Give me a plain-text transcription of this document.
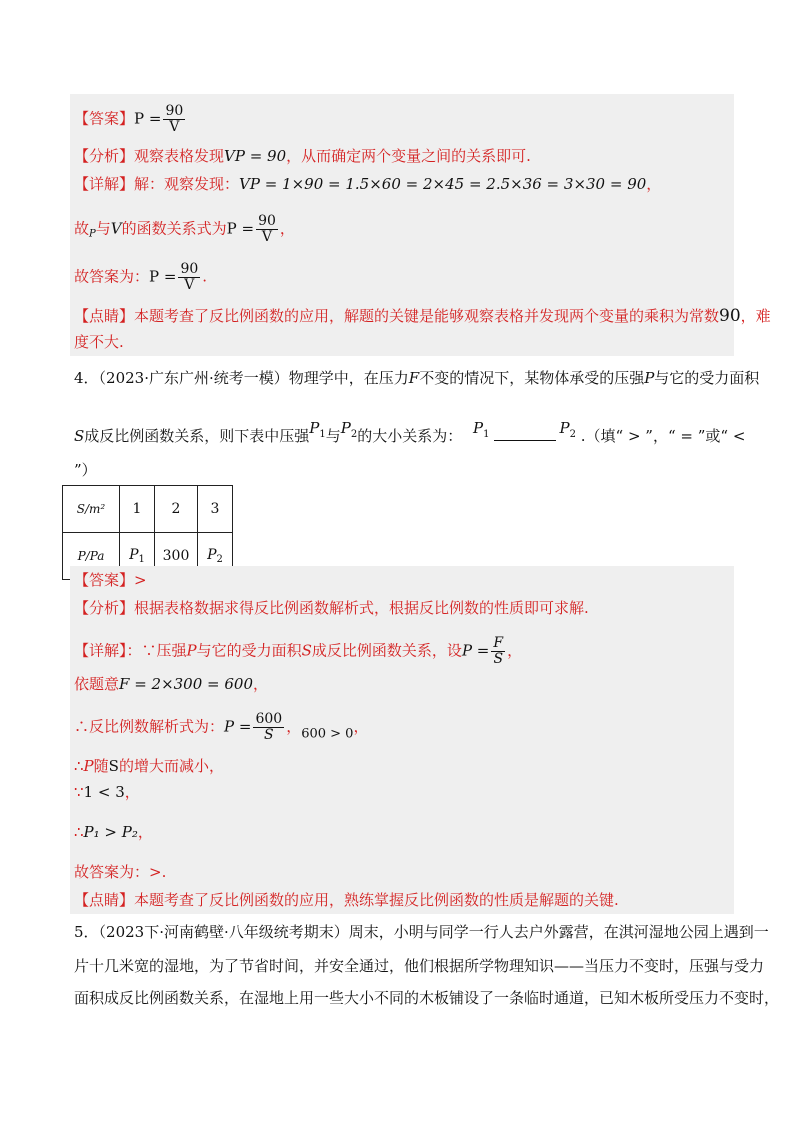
【答案】$P = \frac{90}{V}$
【分析】观察表格发现VP = 90，从而确定两个变量之间的关系即可.
【详解】解：观察发现：VP = 1×90 = 1.5×60 = 2×45 = 2.5×36 = 3×30 = 90，
故$_P$与V的函数关系式为$P = \frac{90}{V}$ ，
故答案为：$P = \frac{90}{V}$ .
【点睛】本题考查了反比例函数的应用，解题的关键是能够观察表格并发现两个变量的乘积为常数90，难
度不大.
4．（2023·广东广州·统考一模）物理学中，在压力F不变的情况下，某物体承受的压强P与它的受力面积
S成反比例函数关系，则下表中压强$P^1$与$P^2$的大小关系为： $P^1$	$P^2$ .（填“ > ”，“ = ”或“ <
”）
S/m²	1	2	3
P/Pa	$P_1$	300	$P_2$
【答案】>
【分析】根据表格数据求得反比例函数解析式，根据反比例数的性质即可求解.
【详解】：∵压强P与它的受力面积S成反比例函数关系，设$P = \frac{F}{S}$ ，
依题意F = 2×300 = 600，
∴反比例数解析式为：$P = \frac{600}{S}$ ，600 > 0，
∴P随S的增大而减小，
∵1 < 3，
∴P₁ > P₂，
故答案为：>.
【点睛】本题考查了反比例函数的应用，熟练掌握反比例函数的性质是解题的关键.
5．（2023下·河南鹤壁·八年级统考期末）周末，小明与同学一行人去户外露营，在淇河湿地公园上遇到一
片十几米宽的湿地，为了节省时间，并安全通过，他们根据所学物理知识——当压力不变时，压强与受力
面积成反比例函数关系，在湿地上用一些大小不同的木板铺设了一条临时通道，已知木板所受压力不变时，
